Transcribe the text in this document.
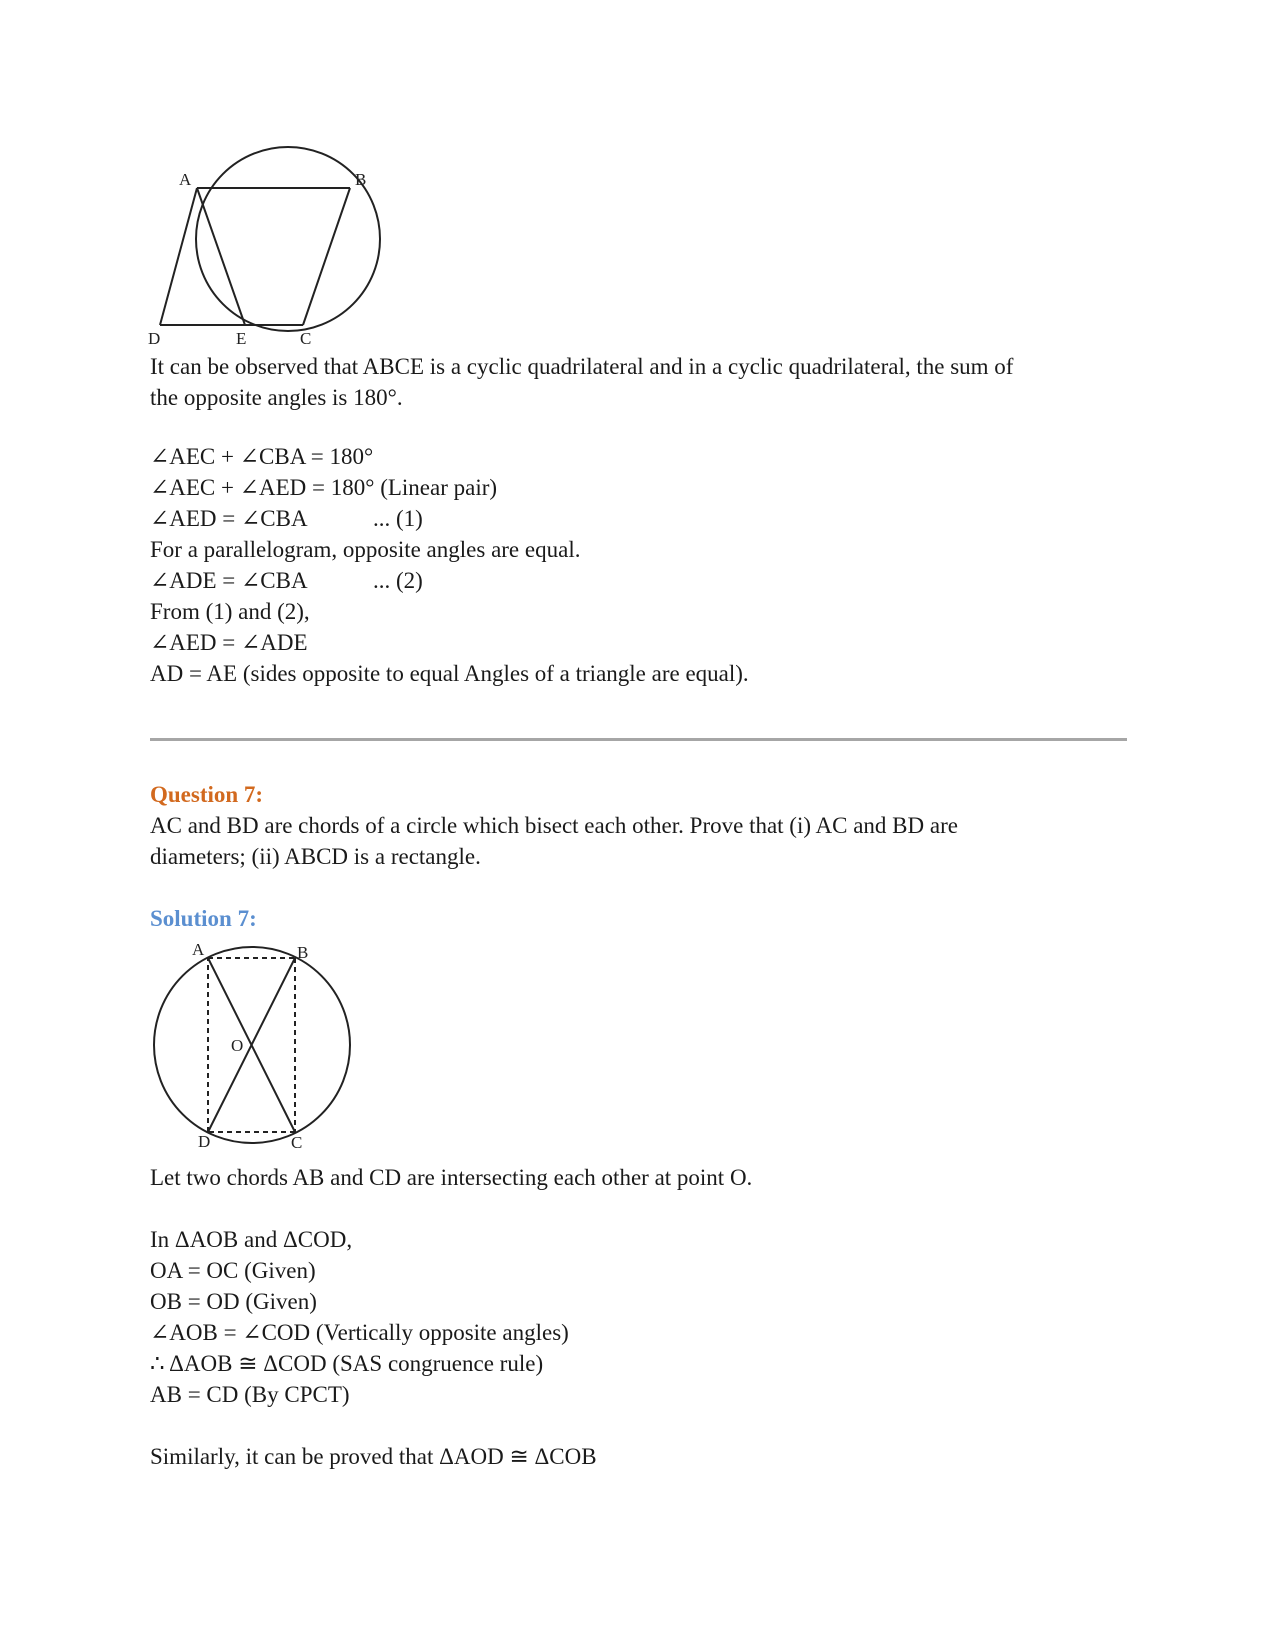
A	B
D	E	C
It can be observed that ABCE is a cyclic quadrilateral and in a cyclic quadrilateral, the sum of
the opposite angles is 180°.
∠AEC + ∠CBA = 180°
∠AEC + ∠AED = 180° (Linear pair)
∠AED = ∠CBA	... (1)
For a parallelogram, opposite angles are equal.
∠ADE = ∠CBA	... (2)
From (1) and (2),
∠AED = ∠ADE
AD = AE (sides opposite to equal Angles of a triangle are equal).
Question 7:
AC and BD are chords of a circle which bisect each other. Prove that (i) AC and BD are
diameters; (ii) ABCD is a rectangle.
Solution 7:
A	B
O
D	C
Let two chords AB and CD are intersecting each other at point O.
In ΔAOB and ΔCOD,
OA = OC (Given)
OB = OD (Given)
∠AOB = ∠COD (Vertically opposite angles)
∴ ΔAOB ≅ ΔCOD (SAS congruence rule)
AB = CD (By CPCT)
Similarly, it can be proved that ΔAOD ≅ ΔCOB
